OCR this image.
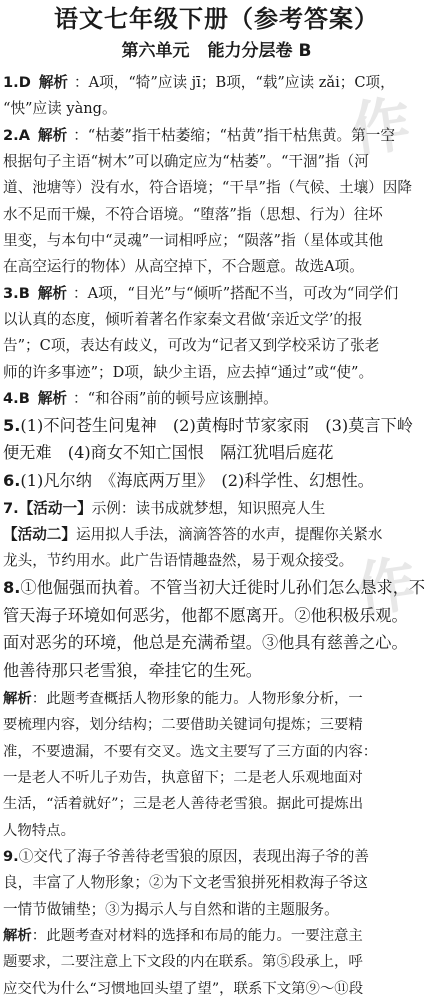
语文七年级下册（参考答案）
第六单元 能力分层卷 B
1.D 解析 ：A项，“犄”应读 jī；B项，“载”应读 zǎi；C项，
“怏”应读 yàng。
2.A 解析 ：“枯萎”指干枯萎缩；“枯黄”指干枯焦黄。第一空
根据句子主语“树木”可以确定应为“枯萎”。“干涸”指（河
道、池塘等）没有水，符合语境；“干旱”指（气候、土壤）因降
水不足而干燥，不符合语境。“堕落”指（思想、行为）往坏
里变，与本句中“灵魂”一词相呼应；“陨落”指（星体或其他
在高空运行的物体）从高空掉下，不合题意。故选A项。
3.B 解析 ：A项，“目光”与“倾听”搭配不当，可改为“同学们
以认真的态度，倾听着著名作家秦文君做‘亲近文学’的报
告”；C项，表达有歧义，可改为“记者又到学校采访了张老
师的许多事迹”；D项，缺少主语，应去掉“通过”或“使”。
4.B 解析 ：“和谷雨”前的顿号应该删掉。
5.(1)不问苍生问鬼神　(2)黄梅时节家家雨　(3)莫言下岭
便无难　(4)商女不知亡国恨　隔江犹唱后庭花
6.(1)凡尔纳　《海底两万里》　(2)科学性、幻想性。
7.【活动一】示例：读书成就梦想，知识照亮人生
【活动二】运用拟人手法，滴滴答答的水声，提醒你关紧水
龙头，节约用水。此广告语情趣盎然，易于观众接受。
8.①他倔强而执着。不管当初大迁徙时儿孙们怎么恳求，不
管天海子环境如何恶劣，他都不愿离开。②他积极乐观。
面对恶劣的环境，他总是充满希望。③他具有慈善之心。
他善待那只老雪狼，牵挂它的生死。
解析：此题考查概括人物形象的能力。人物形象分析，一
要梳理内容，划分结构；二要借助关键词句提炼；三要精
准，不要遗漏，不要有交叉。选文主要写了三方面的内容：
一是老人不听儿子劝告，执意留下；二是老人乐观地面对
生活，“活着就好”；三是老人善待老雪狼。据此可提炼出
人物特点。
9.①交代了海子爷善待老雪狼的原因，表现出海子爷的善
良，丰富了人物形象；②为下文老雪狼拼死相救海子爷这
一情节做铺垫；③为揭示人与自然和谐的主题服务。
解析：此题考查对材料的选择和布局的能力。一要注意主
题要求，二要注意上下文段的内在联系。第⑤段承上，呼
应交代为什么“习惯地回头望了望”，联系下文第⑨～⑪段
作
作
